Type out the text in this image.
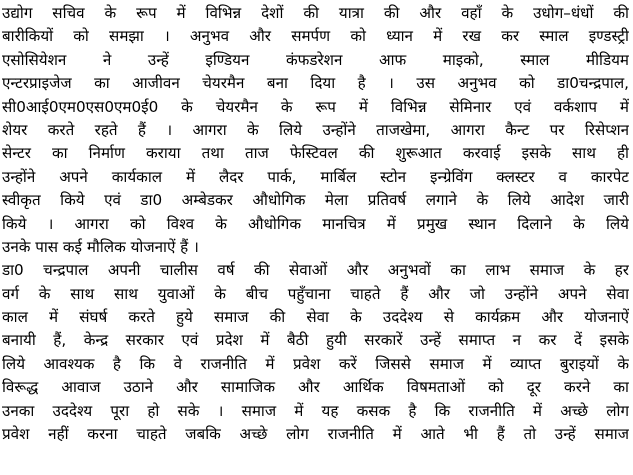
उद्योग सचिव के रूप में विभिन्न देशों की यात्रा की और वहाँ के उधोग–धंधों की
बारीकियों को समझा । अनुभव और समर्पण को ध्यान में रख कर स्माल इण्डस्ट्री
एसोसियेशन ने उन्हें इण्डियन कंफडरेशन आफ माइको, स्माल मीडियम
एन्टरप्राइजेज का आजीवन चेयरमैन बना दिया है । उस अनुभव को डा0चन्द्रपाल,
सी0आई0एम0एस0एम0ई0 के चेयरमैन के रूप में विभिन्न सेमिनार एवं वर्कशाप में
शेयर करते रहते हैं । आगरा के लिये उन्होंने ताजखेमा, आगरा कैन्ट पर रिसेप्शन
सेन्टर का निर्माण कराया तथा ताज फेस्टिवल की शुरूआत करवाई इसके साथ ही
उन्होंने अपने कार्यकाल में लैदर पार्क, मार्बिल स्टोन इन्ग्रेविंग क्लस्टर व कारपेट
स्वीकृत किये एवं डा0 अम्बेडकर औधोगिक मेला प्रतिवर्ष लगाने के लिये आदेश जारी
किये । आगरा को विश्व के औधोगिक मानचित्र में प्रमुख स्थान दिलाने के लिये
उनके पास कई मौलिक योजनाऐं हैं ।
डा0 चन्द्रपाल अपनी चालीस वर्ष की सेवाओं और अनुभवों का लाभ समाज के हर
वर्ग के साथ साथ युवाओं के बीच पहुँचाना चाहते हैं और जो उन्होंने अपने सेवा
काल में संघर्ष करते हुये समाज की सेवा के उददेश्य से कार्यक्रम और योजनाऐं
बनायी हैं, केन्द्र सरकार एवं प्रदेश में बैठी हुयी सरकारें उन्हें समाप्त न कर दें इसके
लिये आवश्यक है कि वे राजनीति में प्रवेश करें जिससे समाज में व्याप्त बुराइयों के
विरूद्ध आवाज उठाने और सामाजिक और आर्थिक विषमताओं को दूर करने का
उनका उददेश्य पूरा हो सके । समाज में यह कसक है कि राजनीति में अच्छे लोग
प्रवेश नहीं करना चाहते जबकि अच्छे लोग राजनीति में आते भी हैं तो उन्हें समाज
